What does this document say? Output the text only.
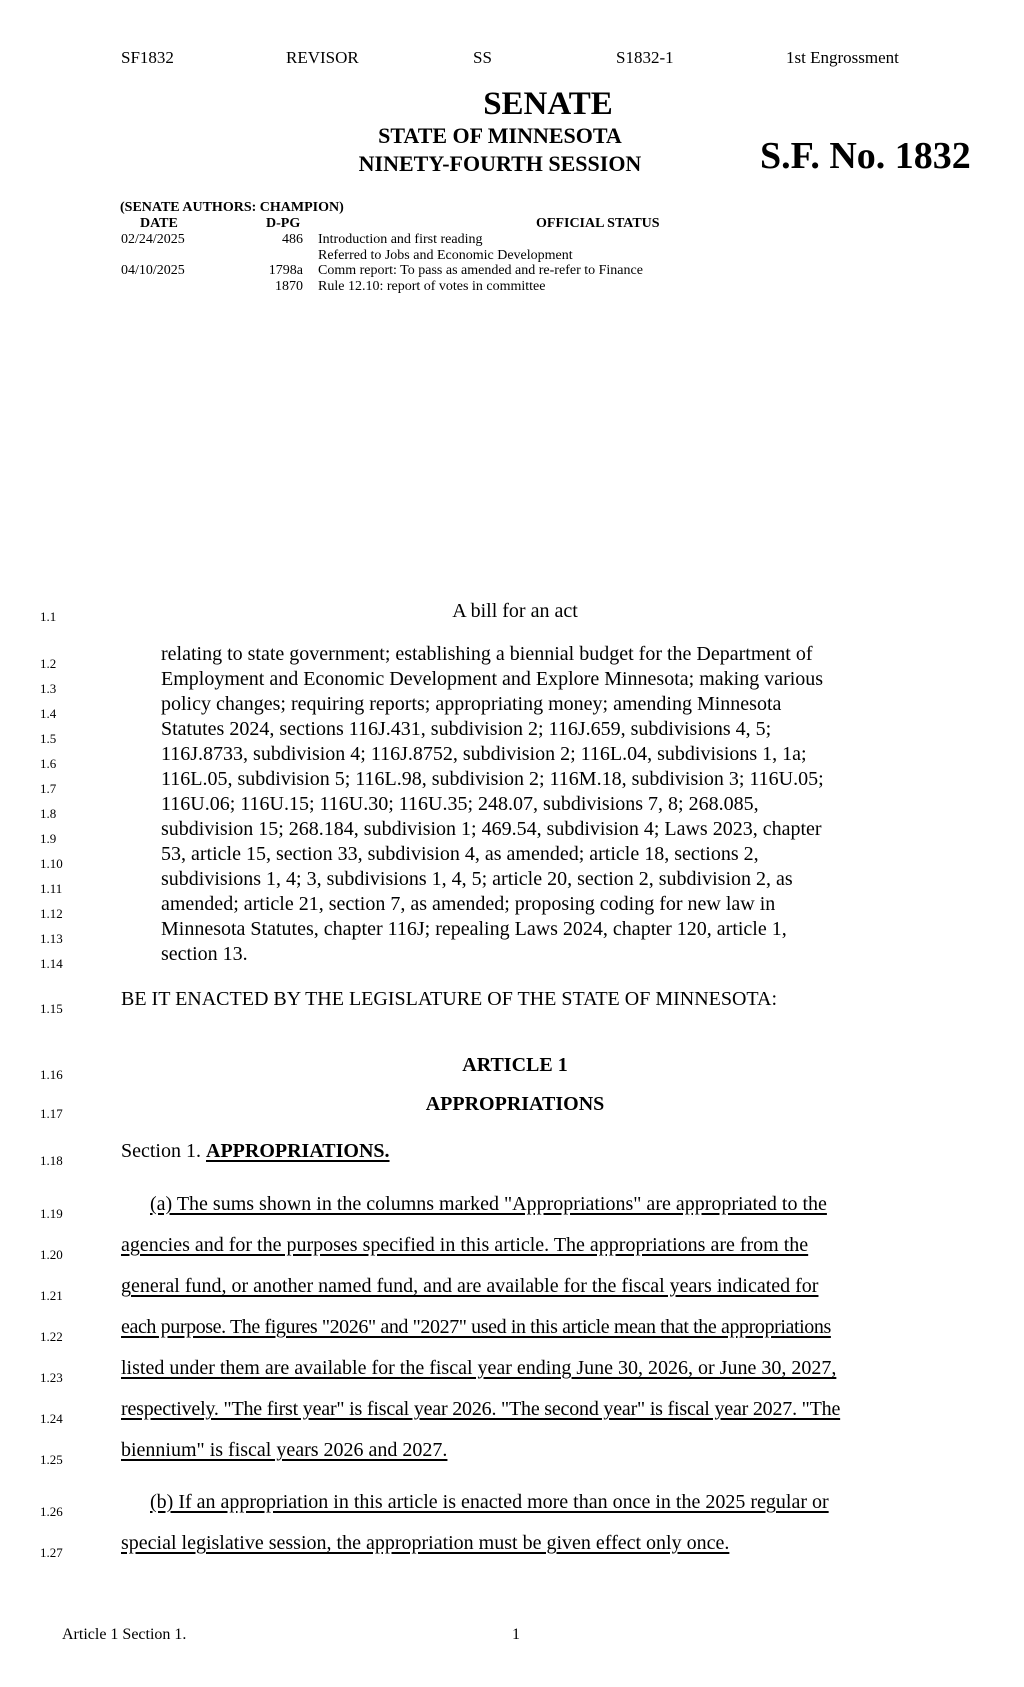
SF1832	REVISOR	SS	S1832-1	1st Engrossment
SENATE
STATE OF MINNESOTA
NINETY-FOURTH SESSION	S.F. No. 1832
(SENATE AUTHORS: CHAMPION)
DATE	D-PG	OFFICIAL STATUS
02/24/2025	486 Introduction and first reading
Referred to Jobs and Economic Development
04/10/2025	1798a Comm report: To pass as amended and re-refer to Finance
1870 Rule 12.10: report of votes in committee
1.1	A bill for an act
1.2	relating to state government; establishing a biennial budget for the Department of
1.3	Employment and Economic Development and Explore Minnesota; making various
1.4	policy changes; requiring reports; appropriating money; amending Minnesota
1.5	Statutes 2024, sections 116J.431, subdivision 2; 116J.659, subdivisions 4, 5;
1.6	116J.8733, subdivision 4; 116J.8752, subdivision 2; 116L.04, subdivisions 1, 1a;
1.7	116L.05, subdivision 5; 116L.98, subdivision 2; 116M.18, subdivision 3; 116U.05;
1.8	116U.06; 116U.15; 116U.30; 116U.35; 248.07, subdivisions 7, 8; 268.085,
1.9	subdivision 15; 268.184, subdivision 1; 469.54, subdivision 4; Laws 2023, chapter
1.10	53, article 15, section 33, subdivision 4, as amended; article 18, sections 2,
1.11	subdivisions 1, 4; 3, subdivisions 1, 4, 5; article 20, section 2, subdivision 2, as
1.12	amended; article 21, section 7, as amended; proposing coding for new law in
1.13	Minnesota Statutes, chapter 116J; repealing Laws 2024, chapter 120, article 1,
1.14	section 13.
1.15	BE IT ENACTED BY THE LEGISLATURE OF THE STATE OF MINNESOTA:
1.16	ARTICLE 1
1.17	APPROPRIATIONS
1.18	Section 1. APPROPRIATIONS.
1.19	(a) The sums shown in the columns marked "Appropriations" are appropriated to the
1.20	agencies and for the purposes specified in this article. The appropriations are from the
1.21	general fund, or another named fund, and are available for the fiscal years indicated for
1.22	each purpose. The figures "2026" and "2027" used in this article mean that the appropriations
1.23	listed under them are available for the fiscal year ending June 30, 2026, or June 30, 2027,
1.24	respectively. "The first year" is fiscal year 2026. "The second year" is fiscal year 2027. "The
1.25	biennium" is fiscal years 2026 and 2027.
1.26	(b) If an appropriation in this article is enacted more than once in the 2025 regular or
1.27	special legislative session, the appropriation must be given effect only once.
Article 1 Section 1.	1
